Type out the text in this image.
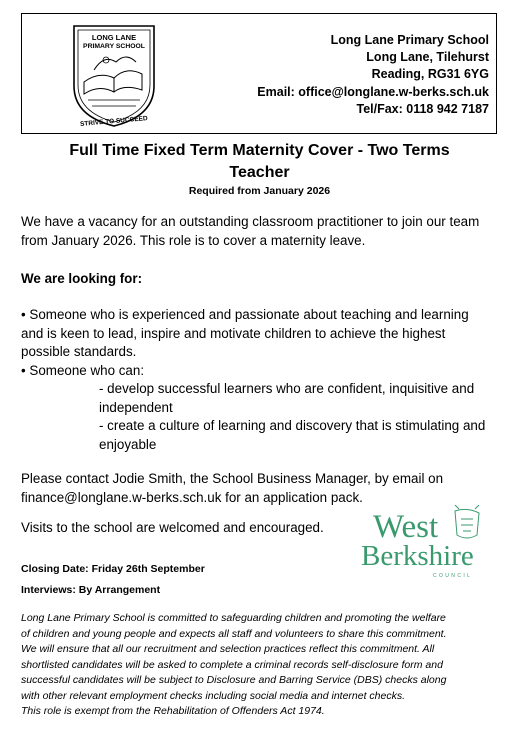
LONG LANE
PRIMARY SCHOOL
STRIVE TO SUCCEED
Long Lane Primary School
Long Lane, Tilehurst
Reading, RG31 6YG
Email: office@longlane.w-berks.sch.uk
Tel/Fax: 0118 942 7187
Full Time Fixed Term Maternity Cover - Two Terms
Teacher
Required from January 2026
We have a vacancy for an outstanding classroom practitioner to join our team
from January 2026. This role is to cover a maternity leave.
We are looking for:
• Someone who is experienced and passionate about teaching and learning
and is keen to lead, inspire and motivate children to achieve the highest
possible standards.
• Someone who can:
- develop successful learners who are confident, inquisitive and
independent
- create a culture of learning and discovery that is stimulating and
enjoyable
Please contact Jodie Smith, the School Business Manager, by email on
finance@longlane.w-berks.sch.uk for an application pack.
Visits to the school are welcomed and encouraged.
Closing Date: Friday 26th September
Interviews: By Arrangement
West
Berkshire
COUNCIL
Long Lane Primary School is committed to safeguarding children and promoting the welfare
of children and young people and expects all staff and volunteers to share this commitment.
We will ensure that all our recruitment and selection practices reflect this commitment. All
shortlisted candidates will be asked to complete a criminal records self-disclosure form and
successful candidates will be subject to Disclosure and Barring Service (DBS) checks along
with other relevant employment checks including social media and internet checks.
This role is exempt from the Rehabilitation of Offenders Act 1974.
